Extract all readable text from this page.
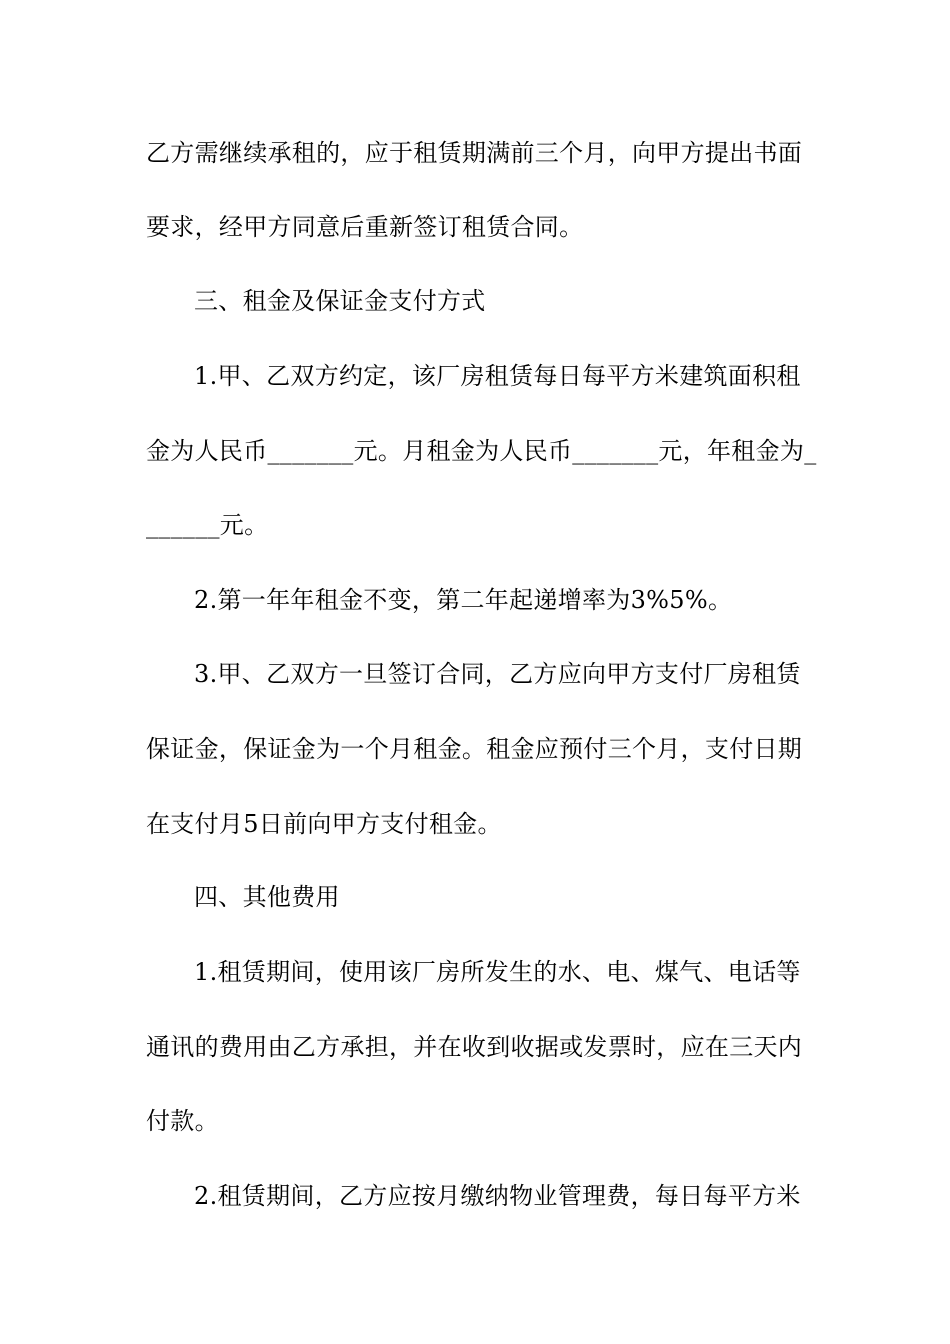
乙方需继续承租的，应于租赁期满前三个月，向甲方提出书面
要求，经甲方同意后重新签订租赁合同。
三、租金及保证金支付方式
1.甲、乙双方约定，该厂房租赁每日每平方米建筑面积租
金为人民币_______元。月租金为人民币_______元，年租金为_
______元。
2.第一年年租金不变，第二年起递增率为3%5%。
3.甲、乙双方一旦签订合同，乙方应向甲方支付厂房租赁
保证金，保证金为一个月租金。租金应预付三个月，支付日期
在支付月5日前向甲方支付租金。
四、其他费用
1.租赁期间，使用该厂房所发生的水、电、煤气、电话等
通讯的费用由乙方承担，并在收到收据或发票时，应在三天内
付款。
2.租赁期间，乙方应按月缴纳物业管理费，每日每平方米
